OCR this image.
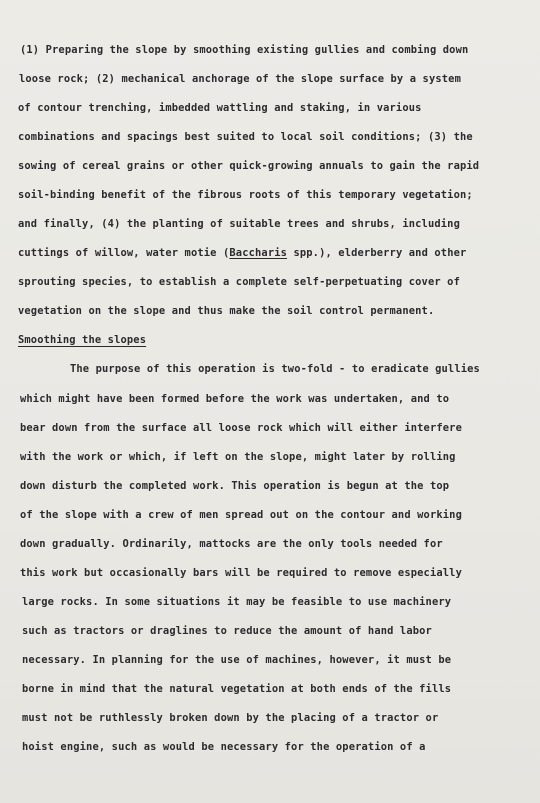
(1) Preparing the slope by smoothing existing gullies and combing down
loose rock; (2) mechanical anchorage of the slope surface by a system
of contour trenching, imbedded wattling and staking, in various
combinations and spacings best suited to local soil conditions; (3) the
sowing of cereal grains or other quick-growing annuals to gain the rapid
soil-binding benefit of the fibrous roots of this temporary vegetation;
and finally, (4) the planting of suitable trees and shrubs, including
cuttings of willow, water motie (Baccharis spp.), elderberry and other
sprouting species, to establish a complete self-perpetuating cover of
vegetation on the slope and thus make the soil control permanent.
Smoothing the slopes
The purpose of this operation is two-fold - to eradicate gullies
which might have been formed before the work was undertaken, and to
bear down from the surface all loose rock which will either interfere
with the work or which, if left on the slope, might later by rolling
down disturb the completed work. This operation is begun at the top
of the slope with a crew of men spread out on the contour and working
down gradually. Ordinarily, mattocks are the only tools needed for
this work but occasionally bars will be required to remove especially
large rocks. In some situations it may be feasible to use machinery
such as tractors or draglines to reduce the amount of hand labor
necessary. In planning for the use of machines, however, it must be
borne in mind that the natural vegetation at both ends of the fills
must not be ruthlessly broken down by the placing of a tractor or
hoist engine, such as would be necessary for the operation of a
